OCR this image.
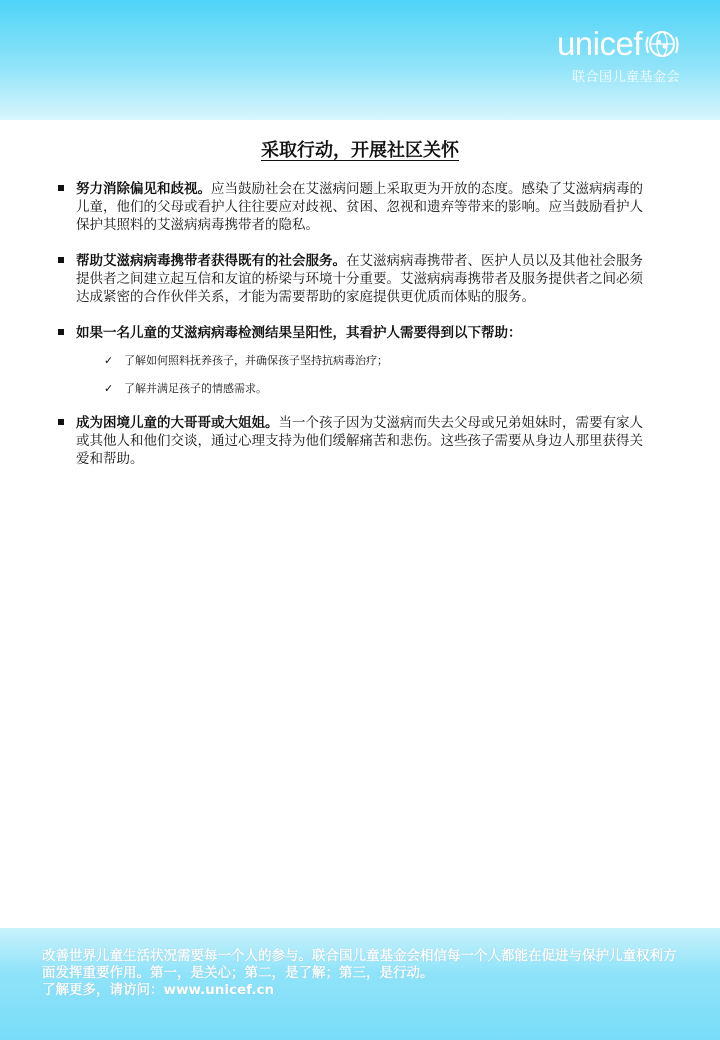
unicef
联合国儿童基金会
采取行动，开展社区关怀
努力消除偏见和歧视。应当鼓励社会在艾滋病问题上采取更为开放的态度。感染了艾滋病病毒的儿童，他们的父母或看护人往往要应对歧视、贫困、忽视和遗弃等带来的影响。应当鼓励看护人保护其照料的艾滋病病毒携带者的隐私。
帮助艾滋病病毒携带者获得既有的社会服务。在艾滋病病毒携带者、医护人员以及其他社会服务提供者之间建立起互信和友谊的桥梁与环境十分重要。艾滋病病毒携带者及服务提供者之间必须达成紧密的合作伙伴关系，才能为需要帮助的家庭提供更优质而体贴的服务。
如果一名儿童的艾滋病病毒检测结果呈阳性，其看护人需要得到以下帮助：
✓ 了解如何照料抚养孩子，并确保孩子坚持抗病毒治疗；
✓ 了解并满足孩子的情感需求。
成为困境儿童的大哥哥或大姐姐。当一个孩子因为艾滋病而失去父母或兄弟姐妹时，需要有家人或其他人和他们交谈，通过心理支持为他们缓解痛苦和悲伤。这些孩子需要从身边人那里获得关爱和帮助。
改善世界儿童生活状况需要每一个人的参与。联合国儿童基金会相信每一个人都能在促进与保护儿童权利方面发挥重要作用。第一，是关心；第二，是了解；第三，是行动。
了解更多，请访问：www.unicef.cn
